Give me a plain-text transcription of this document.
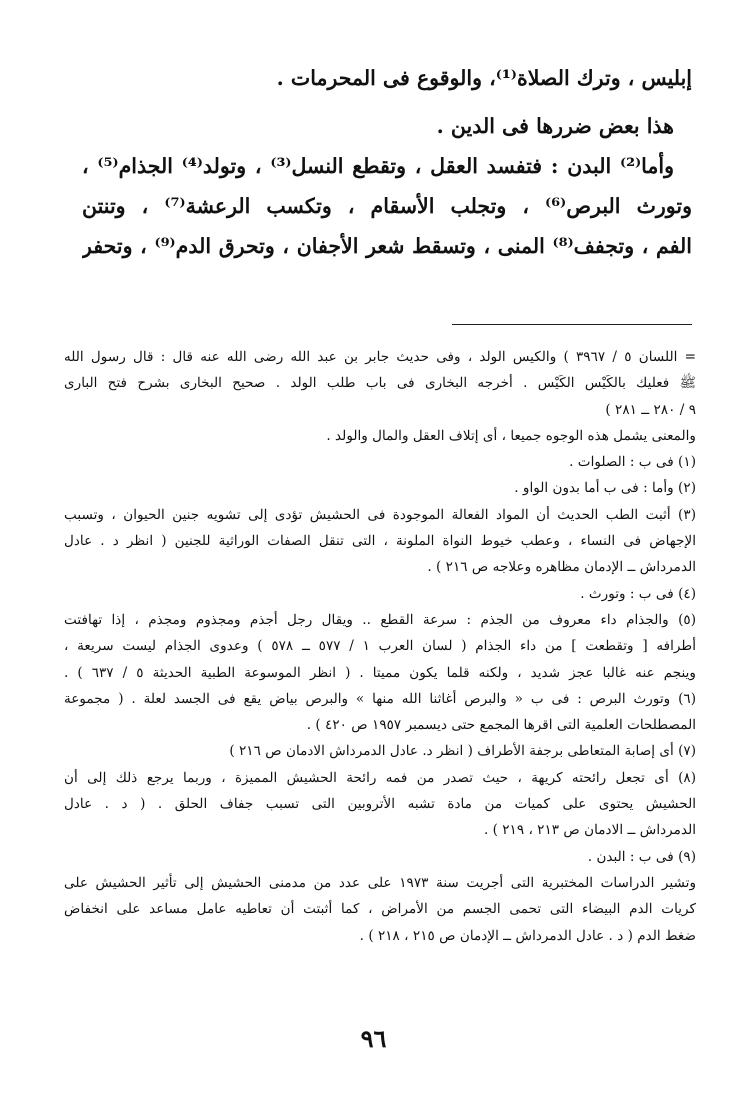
إبليس ، وترك الصلاة⁽¹⁾، والوقوع فى المحرمات .
هذا بعض ضررها فى الدين .
وأما⁽²⁾ البدن : فتفسد العقل ، وتقطع النسل⁽³⁾ ، وتولد⁽⁴⁾ الجذام⁽⁵⁾ ،
وتورث البرص⁽⁶⁾ ، وتجلب الأسقام ، وتكسب الرعشة⁽⁷⁾ ، وتنتن
الفم ، وتجفف⁽⁸⁾ المنى ، وتسقط شعر الأجفان ، وتحرق الدم⁽⁹⁾ ، وتحفر
= اللسان ٥ / ٣٩٦٧ ) والكيس الولد ، وفى حديث جابر بن عبد الله رضى الله عنه قال : قال رسول الله
ﷺ فعليك بالكَيْس الكَيْس . أخرجه البخارى فى باب طلب الولد . صحيح البخارى بشرح فتح البارى
٩ / ٢٨٠ ــ ٢٨١ )
والمعنى يشمل هذه الوجوه جميعا ، أى إتلاف العقل والمال والولد .
(١) فى ب : الصلوات .
(٢) وأما : فى ب أما بدون الواو .
(٣) أثبت الطب الحديث أن المواد الفعالة الموجودة فى الحشيش تؤدى إلى تشويه جنين الحيوان ، وتسبب
الإجهاض فى النساء ، وعطب خيوط النواة الملونة ، التى تنقل الصفات الوراثية للجنين ( انظر د . عادل
الدمرداش ــ الإدمان مظاهره وعلاجه ص ٢١٦ ) .
(٤) فى ب : وتورث .
(٥) والجذام داء معروف من الجذم : سرعة القطع .. ويقال رجل أجذم ومجذوم ومجذم ، إذا تهافتت
أطرافه [ وتقطعت ] من داء الجذام ( لسان العرب ١ / ٥٧٧ ــ ٥٧٨ ) وعدوى الجذام ليست سريعة ،
وينجم عنه غالبا عجز شديد ، ولكنه قلما يكون مميتا . ( انظر الموسوعة الطبية الحديثة ٥ / ٦٣٧ ) .
(٦) وتورث البرص : فى ب « والبرص أغاثنا الله منها » والبرص بياض يقع فى الجسد لعلة . ( مجموعة
المصطلحات العلمية التى اقرها المجمع حتى ديسمبر ١٩٥٧ ص ٤٢٠ ) .
(٧) أى إصابة المتعاطى برجفة الأطراف ( انظر د. عادل الدمرداش الادمان ص ٢١٦ )
(٨) أى تجعل رائحته كريهة ، حيث تصدر من فمه رائحة الحشيش المميزة ، وربما يرجع ذلك إلى أن
الحشيش يحتوى على كميات من مادة تشبه الأتروبين التى تسبب جفاف الحلق . ( د . عادل
الدمرداش ــ الادمان ص ٢١٣ ، ٢١٩ ) .
(٩) فى ب : البدن .
وتشير الدراسات المختبرية التى أجريت سنة ١٩٧٣ على عدد من مدمنى الحشيش إلى تأثير الحشيش على
كريات الدم البيضاء التى تحمى الجسم من الأمراض ، كما أثبتت أن تعاطيه عامل مساعد على انخفاض
ضغط الدم ( د . عادل الدمرداش ــ الإدمان ص ٢١٥ ، ٢١٨ ) .
٩٦
